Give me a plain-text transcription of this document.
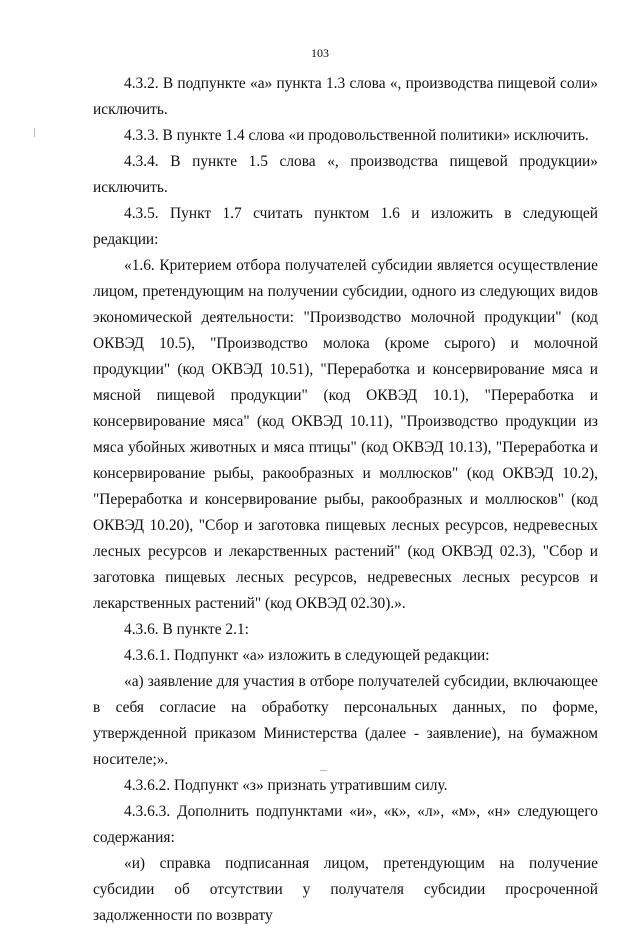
103

4.3.2. В подпункте «а» пункта 1.3 слова «, производства пищевой соли» исключить.

4.3.3. В пункте 1.4 слова «и продовольственной политики» исключить.

4.3.4. В пункте 1.5 слова «, производства пищевой продукции» исключить.

4.3.5. Пункт 1.7 считать пунктом 1.6 и изложить в следующей редакции:

«1.6. Критерием отбора получателей субсидии является осуществление лицом, претендующим на получении субсидии, одного из следующих видов экономической деятельности: "Производство молочной продукции" (код ОКВЭД 10.5), "Производство молока (кроме сырого) и молочной продукции" (код ОКВЭД 10.51), "Переработка и консервирование мяса и мясной пищевой продукции" (код ОКВЭД 10.1), "Переработка и консервирование мяса" (код ОКВЭД 10.11), "Производство продукции из мяса убойных животных и мяса птицы" (код ОКВЭД 10.13), "Переработка и консервирование рыбы, ракообразных и моллюсков" (код ОКВЭД 10.2), "Переработка и консервирование рыбы, ракообразных и моллюсков" (код ОКВЭД 10.20), "Сбор и заготовка пищевых лесных ресурсов, недревесных лесных ресурсов и лекарственных растений" (код ОКВЭД 02.3), "Сбор и заготовка пищевых лесных ресурсов, недревесных лесных ресурсов и лекарственных растений" (код ОКВЭД 02.30).».

4.3.6. В пункте 2.1:

4.3.6.1. Подпункт «а» изложить в следующей редакции:

«а) заявление для участия в отборе получателей субсидии, включающее в себя согласие на обработку персональных данных, по форме, утвержденной приказом Министерства (далее - заявление), на бумажном носителе;».

4.3.6.2. Подпункт «з» признать утратившим силу.

4.3.6.3. Дополнить подпунктами «и», «к», «л», «м», «н» следующего содержания:

«и) справка подписанная лицом, претендующим на получение субсидии об отсутствии у получателя субсидии просроченной задолженности по возврату
